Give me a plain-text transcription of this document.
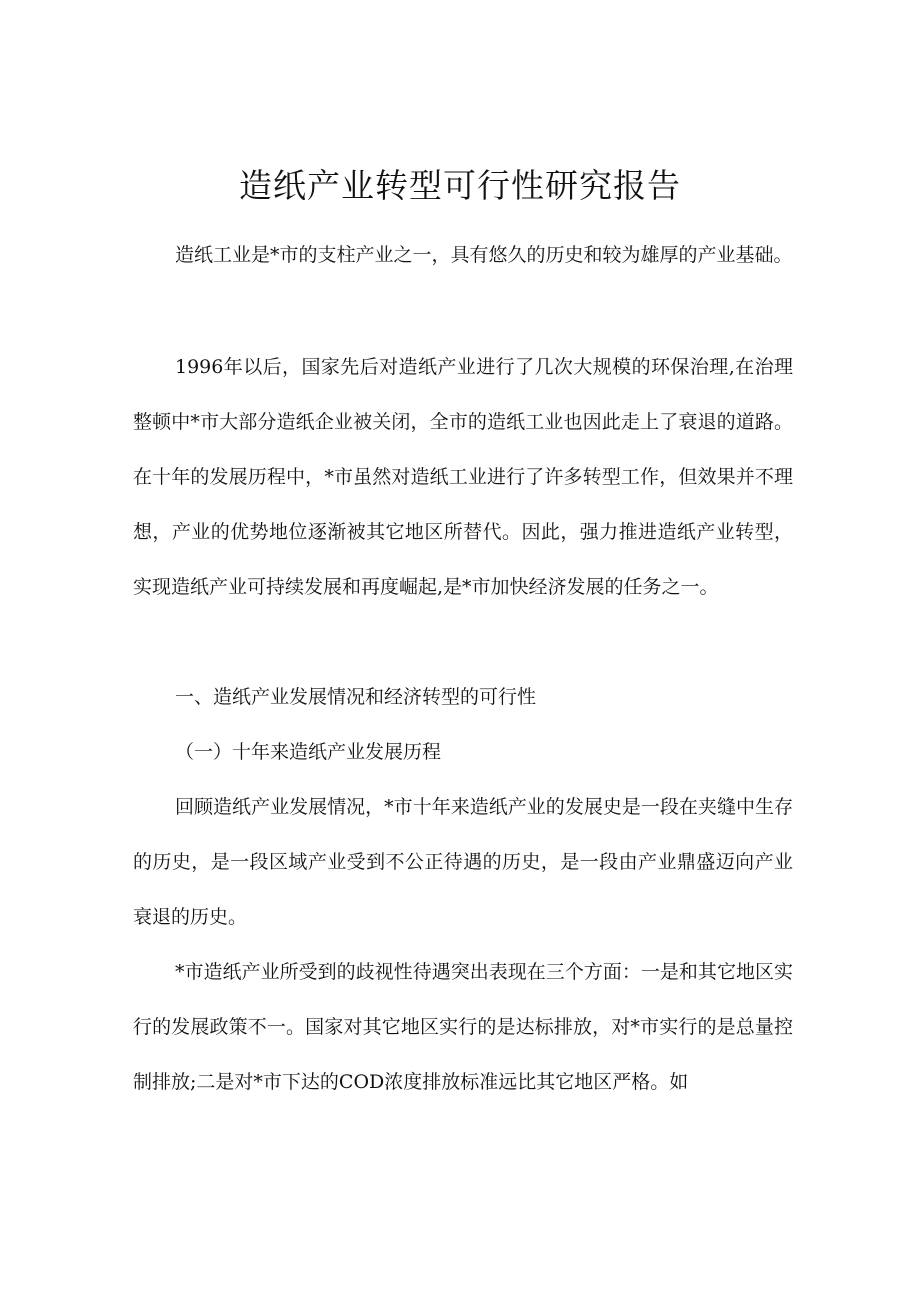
造纸产业转型可行性研究报告

造纸工业是*市的支柱产业之一，具有悠久的历史和较为雄厚的产业基础。

1996年以后，国家先后对造纸产业进行了几次大规模的环保治理,在治理整顿中*市大部分造纸企业被关闭，全市的造纸工业也因此走上了衰退的道路。在十年的发展历程中，*市虽然对造纸工业进行了许多转型工作，但效果并不理想，产业的优势地位逐渐被其它地区所替代。因此，强力推进造纸产业转型，实现造纸产业可持续发展和再度崛起,是*市加快经济发展的任务之一。

一、造纸产业发展情况和经济转型的可行性

（一）十年来造纸产业发展历程

回顾造纸产业发展情况，*市十年来造纸产业的发展史是一段在夹缝中生存的历史，是一段区域产业受到不公正待遇的历史，是一段由产业鼎盛迈向产业衰退的历史。

*市造纸产业所受到的歧视性待遇突出表现在三个方面：一是和其它地区实行的发展政策不一。国家对其它地区实行的是达标排放，对*市实行的是总量控制排放;二是对*市下达的COD浓度排放标准远比其它地区严格。如
